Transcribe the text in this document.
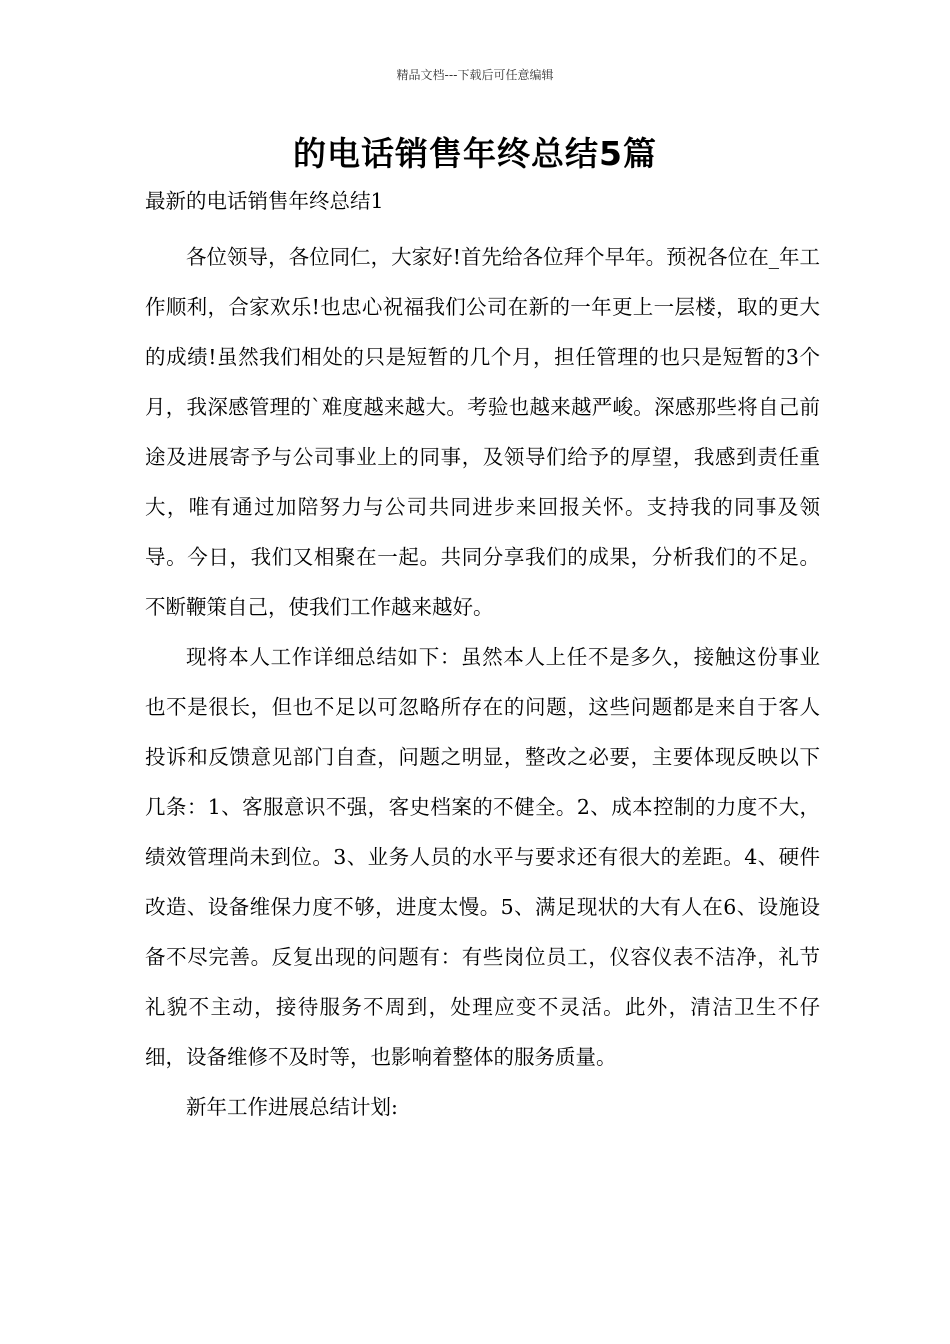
精品文档---下载后可任意编辑
的电话销售年终总结5篇

最新的电话销售年终总结1

各位领导，各位同仁，大家好!首先给各位拜个早年。预祝各位在_年工作顺利，合家欢乐!也忠心祝福我们公司在新的一年更上一层楼，取的更大的成绩!虽然我们相处的只是短暂的几个月，担任管理的也只是短暂的3个月，我深感管理的`难度越来越大。考验也越来越严峻。深感那些将自己前途及进展寄予与公司事业上的同事，及领导们给予的厚望，我感到责任重大，唯有通过加陪努力与公司共同进步来回报关怀。支持我的同事及领导。今日，我们又相聚在一起。共同分享我们的成果，分析我们的不足。不断鞭策自己，使我们工作越来越好。

现将本人工作详细总结如下：虽然本人上任不是多久，接触这份事业也不是很长，但也不足以可忽略所存在的问题，这些问题都是来自于客人投诉和反馈意见部门自查，问题之明显，整改之必要，主要体现反映以下几条：1、客服意识不强，客史档案的不健全。2、成本控制的力度不大，绩效管理尚未到位。3、业务人员的水平与要求还有很大的差距。4、硬件改造、设备维保力度不够，进度太慢。5、满足现状的大有人在6、设施设备不尽完善。反复出现的问题有：有些岗位员工，仪容仪表不洁净，礼节礼貌不主动，接待服务不周到，处理应变不灵活。此外，清洁卫生不仔细，设备维修不及时等，也影响着整体的服务质量。

新年工作进展总结计划:
